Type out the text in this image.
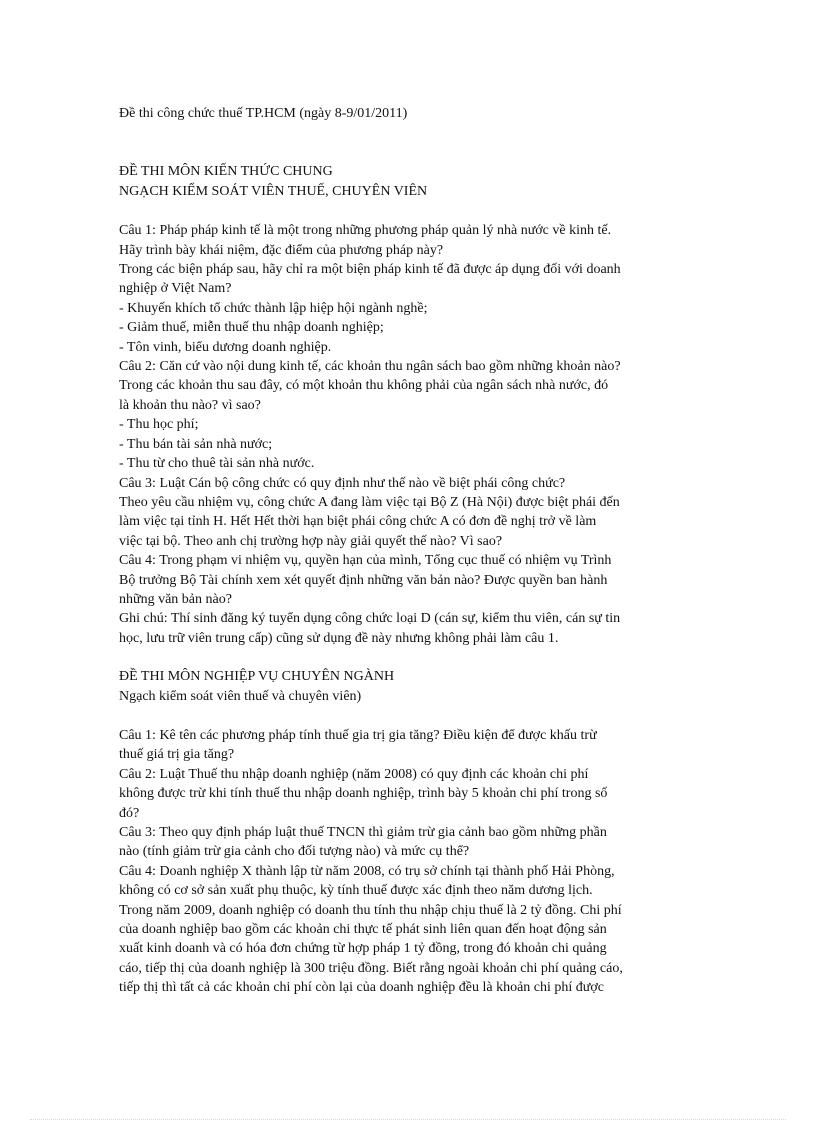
Đề thi công chức thuế TP.HCM (ngày 8-9/01/2011)
ĐỀ THI MÔN KIẾN THỨC CHUNG
NGẠCH KIỂM SOÁT VIÊN THUẾ, CHUYÊN VIÊN
Câu 1: Pháp pháp kinh tế là một trong những phương pháp quản lý nhà nước về kinh tế.
Hãy trình bày khái niệm, đặc điểm của phương pháp này?
Trong các biện pháp sau, hãy chỉ ra một biện pháp kinh tế đã được áp dụng đối với doanh
nghiệp ở Việt Nam?
- Khuyến khích tổ chức thành lập hiệp hội ngành nghề;
- Giảm thuế, miễn thuế thu nhập doanh nghiệp;
- Tôn vinh, biểu dương doanh nghiệp.
Câu 2: Căn cứ vào nội dung kinh tế, các khoản thu ngân sách bao gồm những khoản nào?
Trong các khoản thu sau đây, có một khoản thu không phải của ngân sách nhà nước, đó
là khoản thu nào? vì sao?
- Thu học phí;
- Thu bán tài sản nhà nước;
- Thu từ cho thuê tài sản nhà nước.
Câu 3: Luật Cán bộ công chức có quy định như thế nào về biệt phái công chức?
Theo yêu cầu nhiệm vụ, công chức A đang làm việc tại Bộ Z (Hà Nội) được biệt phái đến
làm việc tại tỉnh H. Hết Hết thời hạn biệt phái công chức A có đơn đề nghị trở về làm
việc tại bộ. Theo anh chị trường hợp này giải quyết thế nào? Vì sao?
Câu 4: Trong phạm vi nhiệm vụ, quyền hạn của mình, Tổng cục thuế có nhiệm vụ Trình
Bộ trưởng Bộ Tài chính xem xét quyết định những văn bản nào? Được quyền ban hành
những văn bản nào?
Ghi chú: Thí sinh đăng ký tuyển dụng công chức loại D (cán sự, kiểm thu viên, cán sự tin
học, lưu trữ viên trung cấp) cũng sử dụng đề này nhưng không phải làm câu 1.
ĐỀ THI MÔN NGHIỆP VỤ CHUYÊN NGÀNH
Ngạch kiểm soát viên thuế và chuyên viên)
Câu 1: Kê tên các phương pháp tính thuế gia trị gia tăng? Điều kiện để được khấu trừ
thuế giá trị gia tăng?
Câu 2: Luật Thuế thu nhập doanh nghiệp (năm 2008) có quy định các khoản chi phí
không được trừ khi tính thuế thu nhập doanh nghiệp, trình bày 5 khoản chi phí trong số
đó?
Câu 3: Theo quy định pháp luật thuế TNCN thì giảm trừ gia cảnh bao gồm những phần
nào (tính giảm trừ gia cảnh cho đối tượng nào) và mức cụ thể?
Câu 4: Doanh nghiệp X thành lập từ năm 2008, có trụ sở chính tại thành phố Hải Phòng,
không có cơ sở sản xuất phụ thuộc, kỳ tính thuế được xác định theo năm dương lịch.
Trong năm 2009, doanh nghiệp có doanh thu tính thu nhập chịu thuế là 2 tỷ đồng. Chi phí
của doanh nghiệp bao gồm các khoản chi thực tế phát sinh liên quan đến hoạt động sản
xuất kinh doanh và có hóa đơn chứng từ hợp pháp 1 tỷ đồng, trong đó khoản chi quảng
cáo, tiếp thị của doanh nghiệp là 300 triệu đồng. Biết rằng ngoài khoản chi phí quảng cáo,
tiếp thị thì tất cả các khoản chi phí còn lại của doanh nghiệp đều là khoản chi phí được
